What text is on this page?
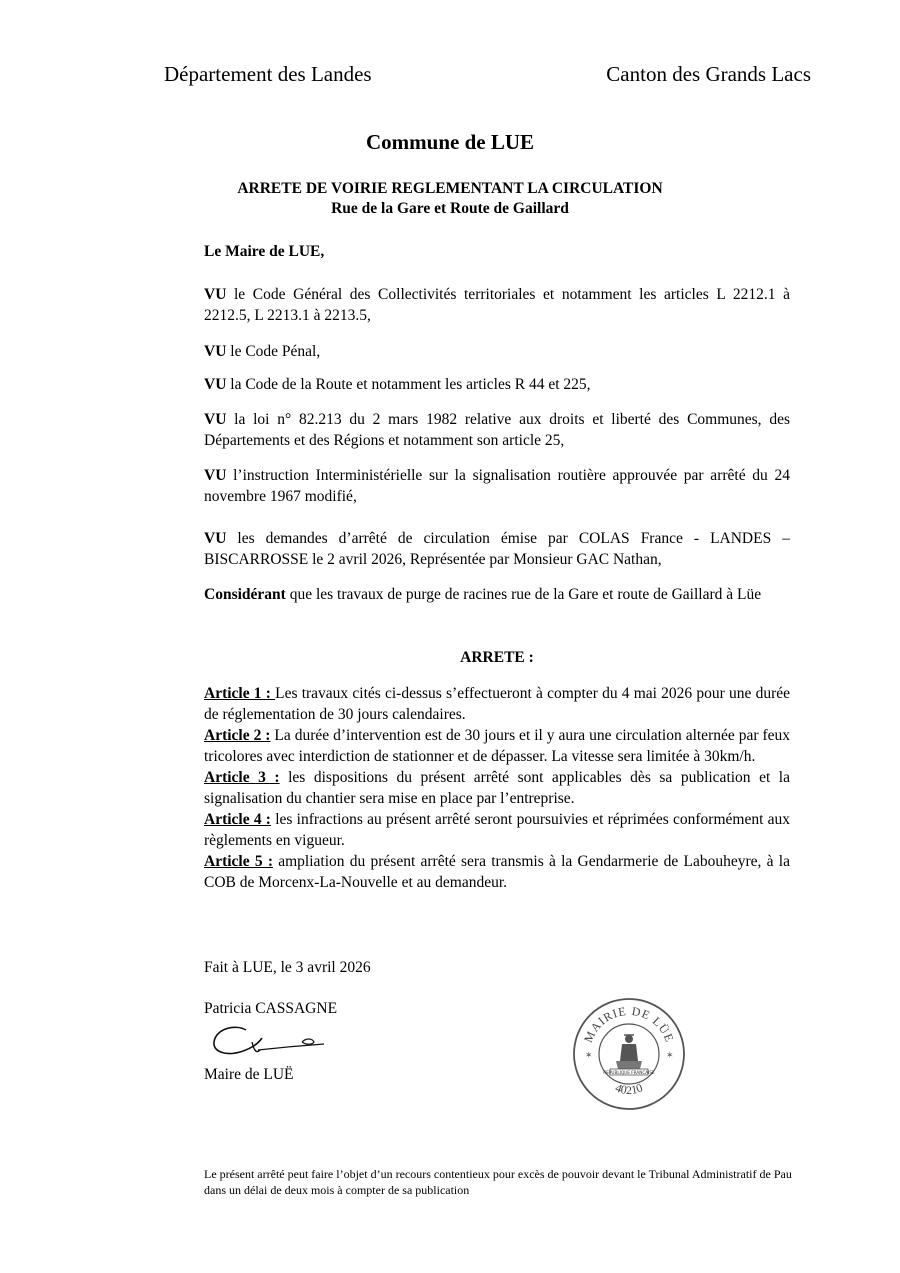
Département des Landes	Canton des Grands Lacs
Commune de LUE
ARRETE DE VOIRIE REGLEMENTANT LA CIRCULATION
Rue de la Gare et Route de Gaillard
Le Maire de LUE,
VU le Code Général des Collectivités territoriales et notamment les articles L 2212.1 à 2212.5, L 2213.1 à 2213.5,
VU le Code Pénal,
VU la Code de la Route et notamment les articles R 44 et 225,
VU la loi n° 82.213 du 2 mars 1982 relative aux droits et liberté des Communes, des Départements et des Régions et notamment son article 25,
VU l’instruction Interministérielle sur la signalisation routière approuvée par arrêté du 24 novembre 1967 modifié,
VU les demandes d’arrêté de circulation émise par COLAS France - LANDES – BISCARROSSE le 2 avril 2026, Représentée par Monsieur GAC Nathan,
Considérant que les travaux de purge de racines rue de la Gare et route de Gaillard à Lüe
ARRETE :
Article 1 : Les travaux cités ci-dessus s’effectueront à compter du 4 mai 2026 pour une durée de réglementation de 30 jours calendaires.
Article 2 : La durée d’intervention est de 30 jours et il y aura une circulation alternée par feux tricolores avec interdiction de stationner et de dépasser. La vitesse sera limitée à 30km/h.
Article 3 : les dispositions du présent arrêté sont applicables dès sa publication et la signalisation du chantier sera mise en place par l’entreprise.
Article 4 : les infractions au présent arrêté seront poursuivies et réprimées conformément aux règlements en vigueur.
Article 5 : ampliation du présent arrêté sera transmis à la Gendarmerie de Labouheyre, à la COB de Morcenx-La-Nouvelle et au demandeur.
Fait à LUE, le 3 avril 2026
Patricia CASSAGNE
Maire de LUË
MAIRIE DE LÜE
40210
✶	✶
REPUBLIQUE FRANCAISE
Le présent arrêté peut faire l’objet d’un recours contentieux pour excès de pouvoir devant le Tribunal Administratif de Pau dans un délai de deux mois à compter de sa publication
